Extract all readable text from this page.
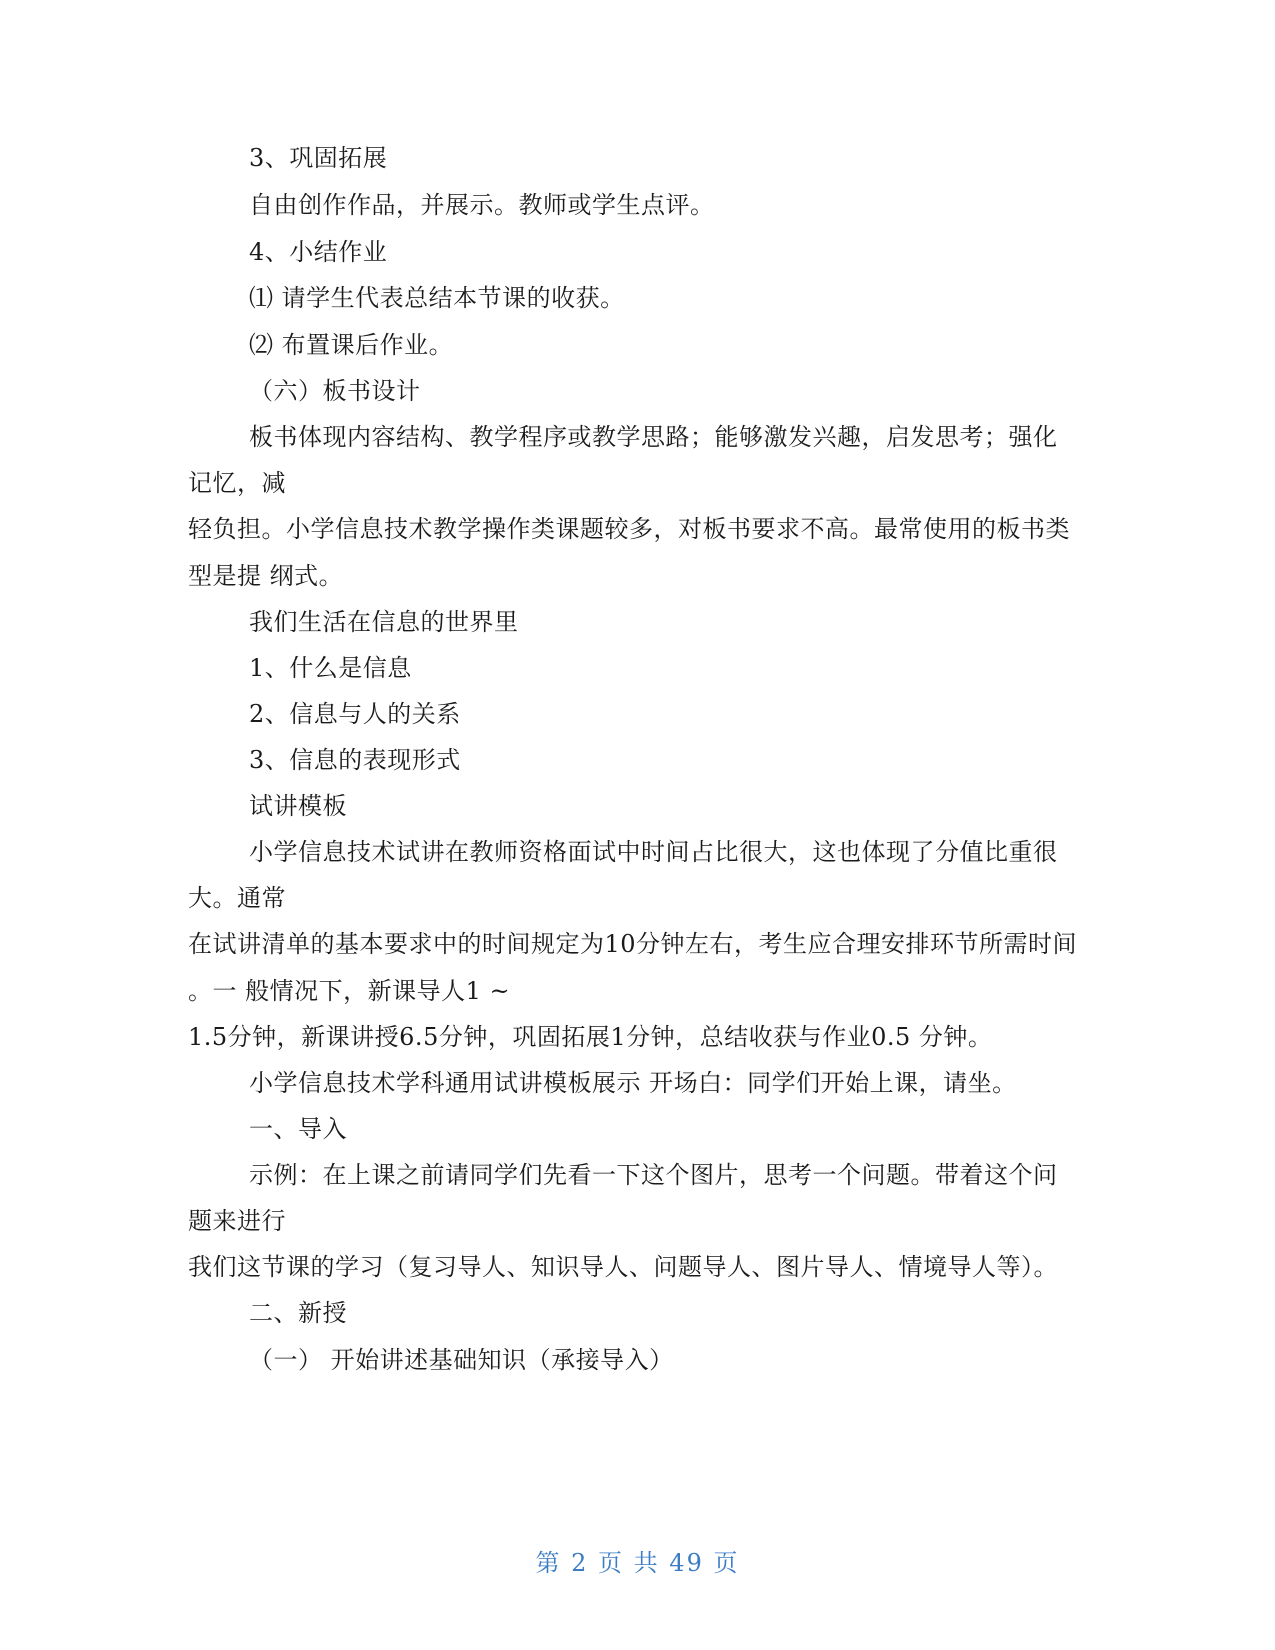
3、巩固拓展
自由创作作品，并展示。教师或学生点评。
4、小结作业
⑴ 请学生代表总结本节课的收获。
⑵ 布置课后作业。
（六）板书设计
板书体现内容结构、教学程序或教学思路；能够激发兴趣，启发思考；强化
记忆，减
轻负担。小学信息技术教学操作类课题较多，对板书要求不高。最常使用的板书类
型是提 纲式。
我们生活在信息的世界里
1、什么是信息
2、信息与人的关系
3、信息的表现形式
试讲模板
小学信息技术试讲在教师资格面试中时间占比很大，这也体现了分值比重很
大。通常
在试讲清单的基本要求中的时间规定为10分钟左右，考生应合理安排环节所需时间
。一 般情况下，新课导人1 ~
1.5分钟，新课讲授6.5分钟，巩固拓展1分钟，总结收获与作业0.5 分钟。
小学信息技术学科通用试讲模板展示 开场白：同学们开始上课，请坐。
一、导入
示例：在上课之前请同学们先看一下这个图片，思考一个问题。带着这个问
题来进行
我们这节课的学习（复习导人、知识导人、问题导人、图片导人、情境导人等）。
二、新授
（一） 开始讲述基础知识（承接导入）
第 2 页 共 49 页
